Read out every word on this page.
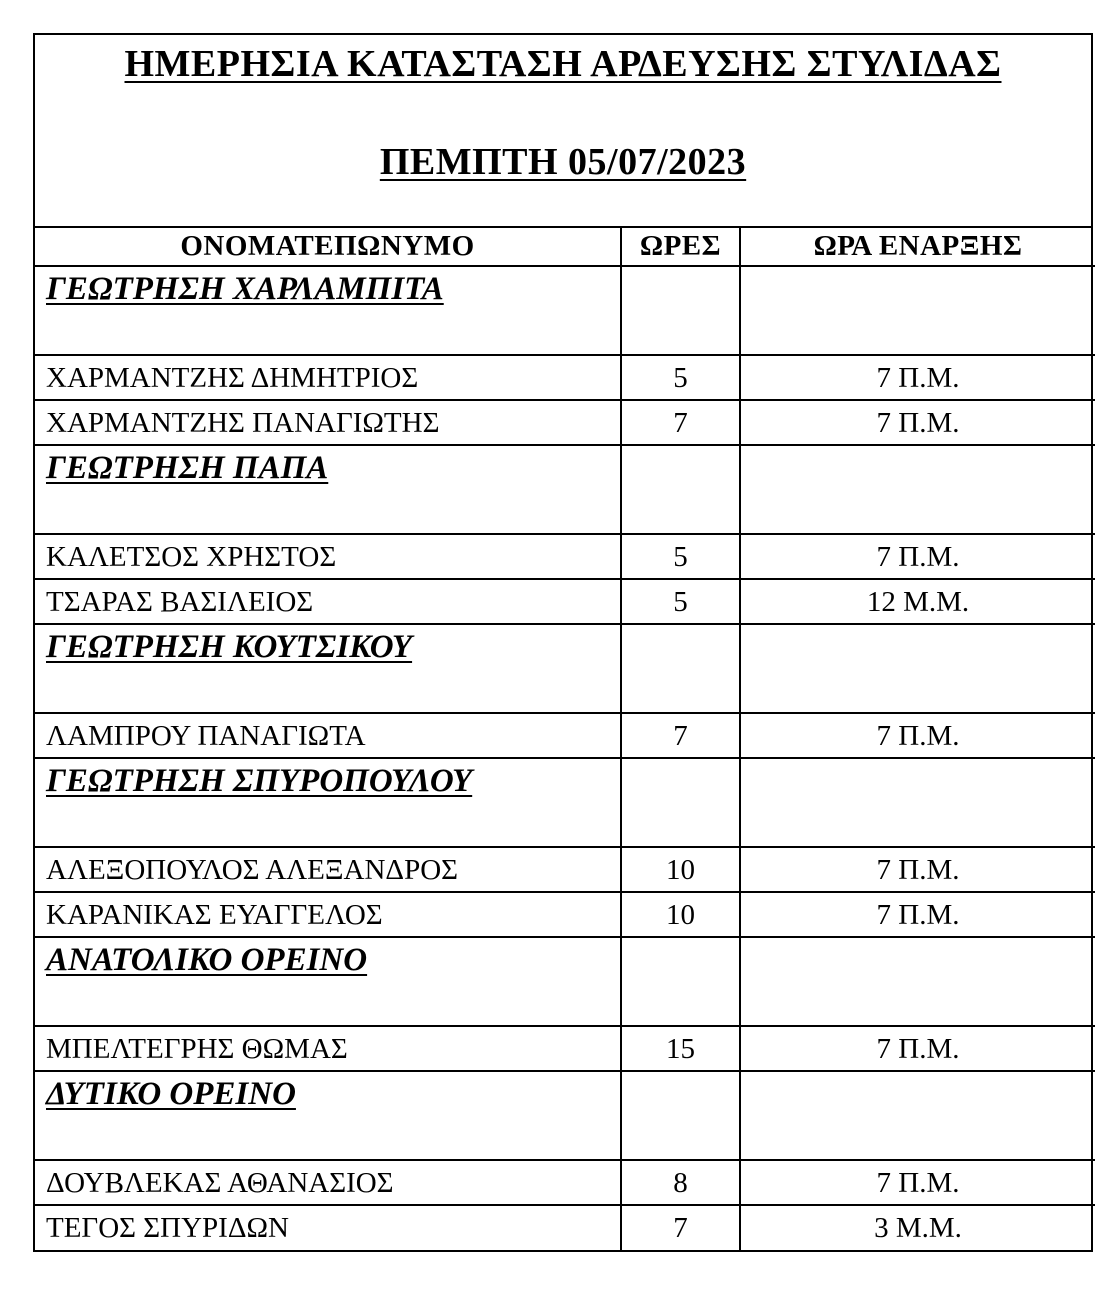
ΗΜΕΡΗΣΙΑ ΚΑΤΑΣΤΑΣΗ ΑΡΔΕΥΣΗΣ ΣΤΥΛΙΔΑΣ
ΠΕΜΠΤΗ 05/07/2023
ΟΝΟΜΑΤΕΠΩΝΥΜΟ	ΩΡΕΣ	ΩΡΑ ΕΝΑΡΞΗΣ
ΓΕΩΤΡΗΣΗ ΧΑΡΛΑΜΠΙΤΑ		
ΧΑΡΜΑΝΤΖΗΣ ΔΗΜΗΤΡΙΟΣ	5	7 Π.Μ.
ΧΑΡΜΑΝΤΖΗΣ ΠΑΝΑΓΙΩΤΗΣ	7	7 Π.Μ.
ΓΕΩΤΡΗΣΗ ΠΑΠΑ		
ΚΑΛΕΤΣΟΣ ΧΡΗΣΤΟΣ	5	7 Π.Μ.
ΤΣΑΡΑΣ ΒΑΣΙΛΕΙΟΣ	5	12 Μ.Μ.
ΓΕΩΤΡΗΣΗ ΚΟΥΤΣΙΚΟΥ		
ΛΑΜΠΡΟΥ ΠΑΝΑΓΙΩΤΑ	7	7 Π.Μ.
ΓΕΩΤΡΗΣΗ ΣΠΥΡΟΠΟΥΛΟΥ		
ΑΛΕΞΟΠΟΥΛΟΣ ΑΛΕΞΑΝΔΡΟΣ	10	7 Π.Μ.
ΚΑΡΑΝΙΚΑΣ ΕΥΑΓΓΕΛΟΣ	10	7 Π.Μ.
ΑΝΑΤΟΛΙΚΟ ΟΡΕΙΝΟ		
ΜΠΕΛΤΕΓΡΗΣ ΘΩΜΑΣ	15	7 Π.Μ.
ΔΥΤΙΚΟ ΟΡΕΙΝΟ		
ΔΟΥΒΛΕΚΑΣ ΑΘΑΝΑΣΙΟΣ	8	7 Π.Μ.
ΤΕΓΟΣ ΣΠΥΡΙΔΩΝ	7	3 Μ.Μ.
